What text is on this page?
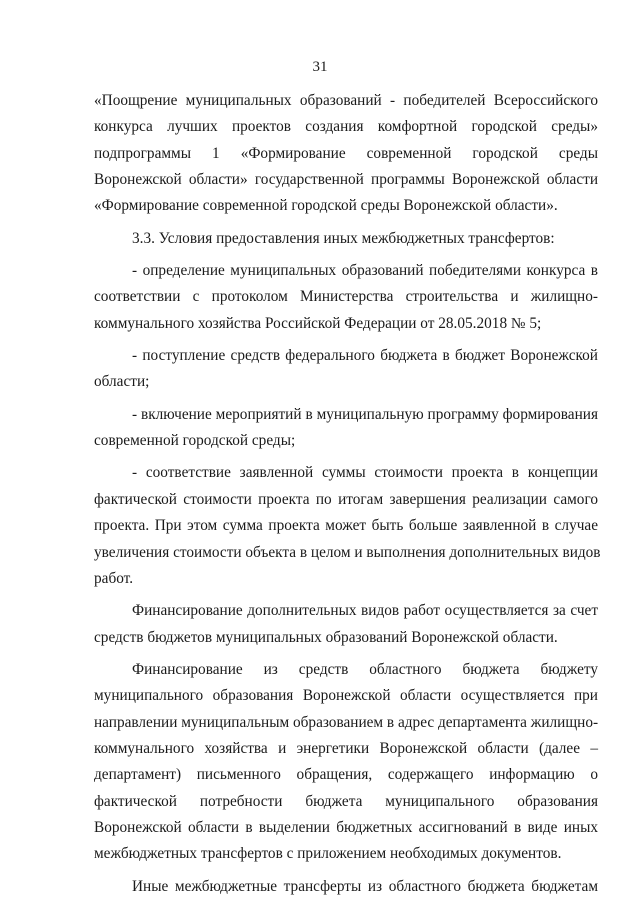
31
«Поощрение муниципальных образований - победителей Всероссийского
конкурса лучших проектов создания комфортной городской среды»
подпрограммы 1 «Формирование современной городской среды
Воронежской области» государственной программы Воронежской области
«Формирование современной городской среды Воронежской области».
3.3. Условия предоставления иных межбюджетных трансфертов:
- определение муниципальных образований победителями конкурса в
соответствии с протоколом Министерства строительства и жилищно-
коммунального хозяйства Российской Федерации от 28.05.2018 № 5;
- поступление средств федерального бюджета в бюджет Воронежской
области;
- включение мероприятий в муниципальную программу формирования
современной городской среды;
- соответствие заявленной суммы стоимости проекта в концепции
фактической стоимости проекта по итогам завершения реализации самого
проекта. При этом сумма проекта может быть больше заявленной в случае
увеличения стоимости объекта в целом и выполнения дополнительных видов
работ.
Финансирование дополнительных видов работ осуществляется за счет
средств бюджетов муниципальных образований Воронежской области.
Финансирование из средств областного бюджета бюджету
муниципального образования Воронежской области осуществляется при
направлении муниципальным образованием в адрес департамента жилищно-
коммунального хозяйства и энергетики Воронежской области (далее –
департамент) письменного обращения, содержащего информацию о
фактической потребности бюджета муниципального образования
Воронежской области в выделении бюджетных ассигнований в виде иных
межбюджетных трансфертов с приложением необходимых документов.
Иные межбюджетные трансферты из областного бюджета бюджетам
